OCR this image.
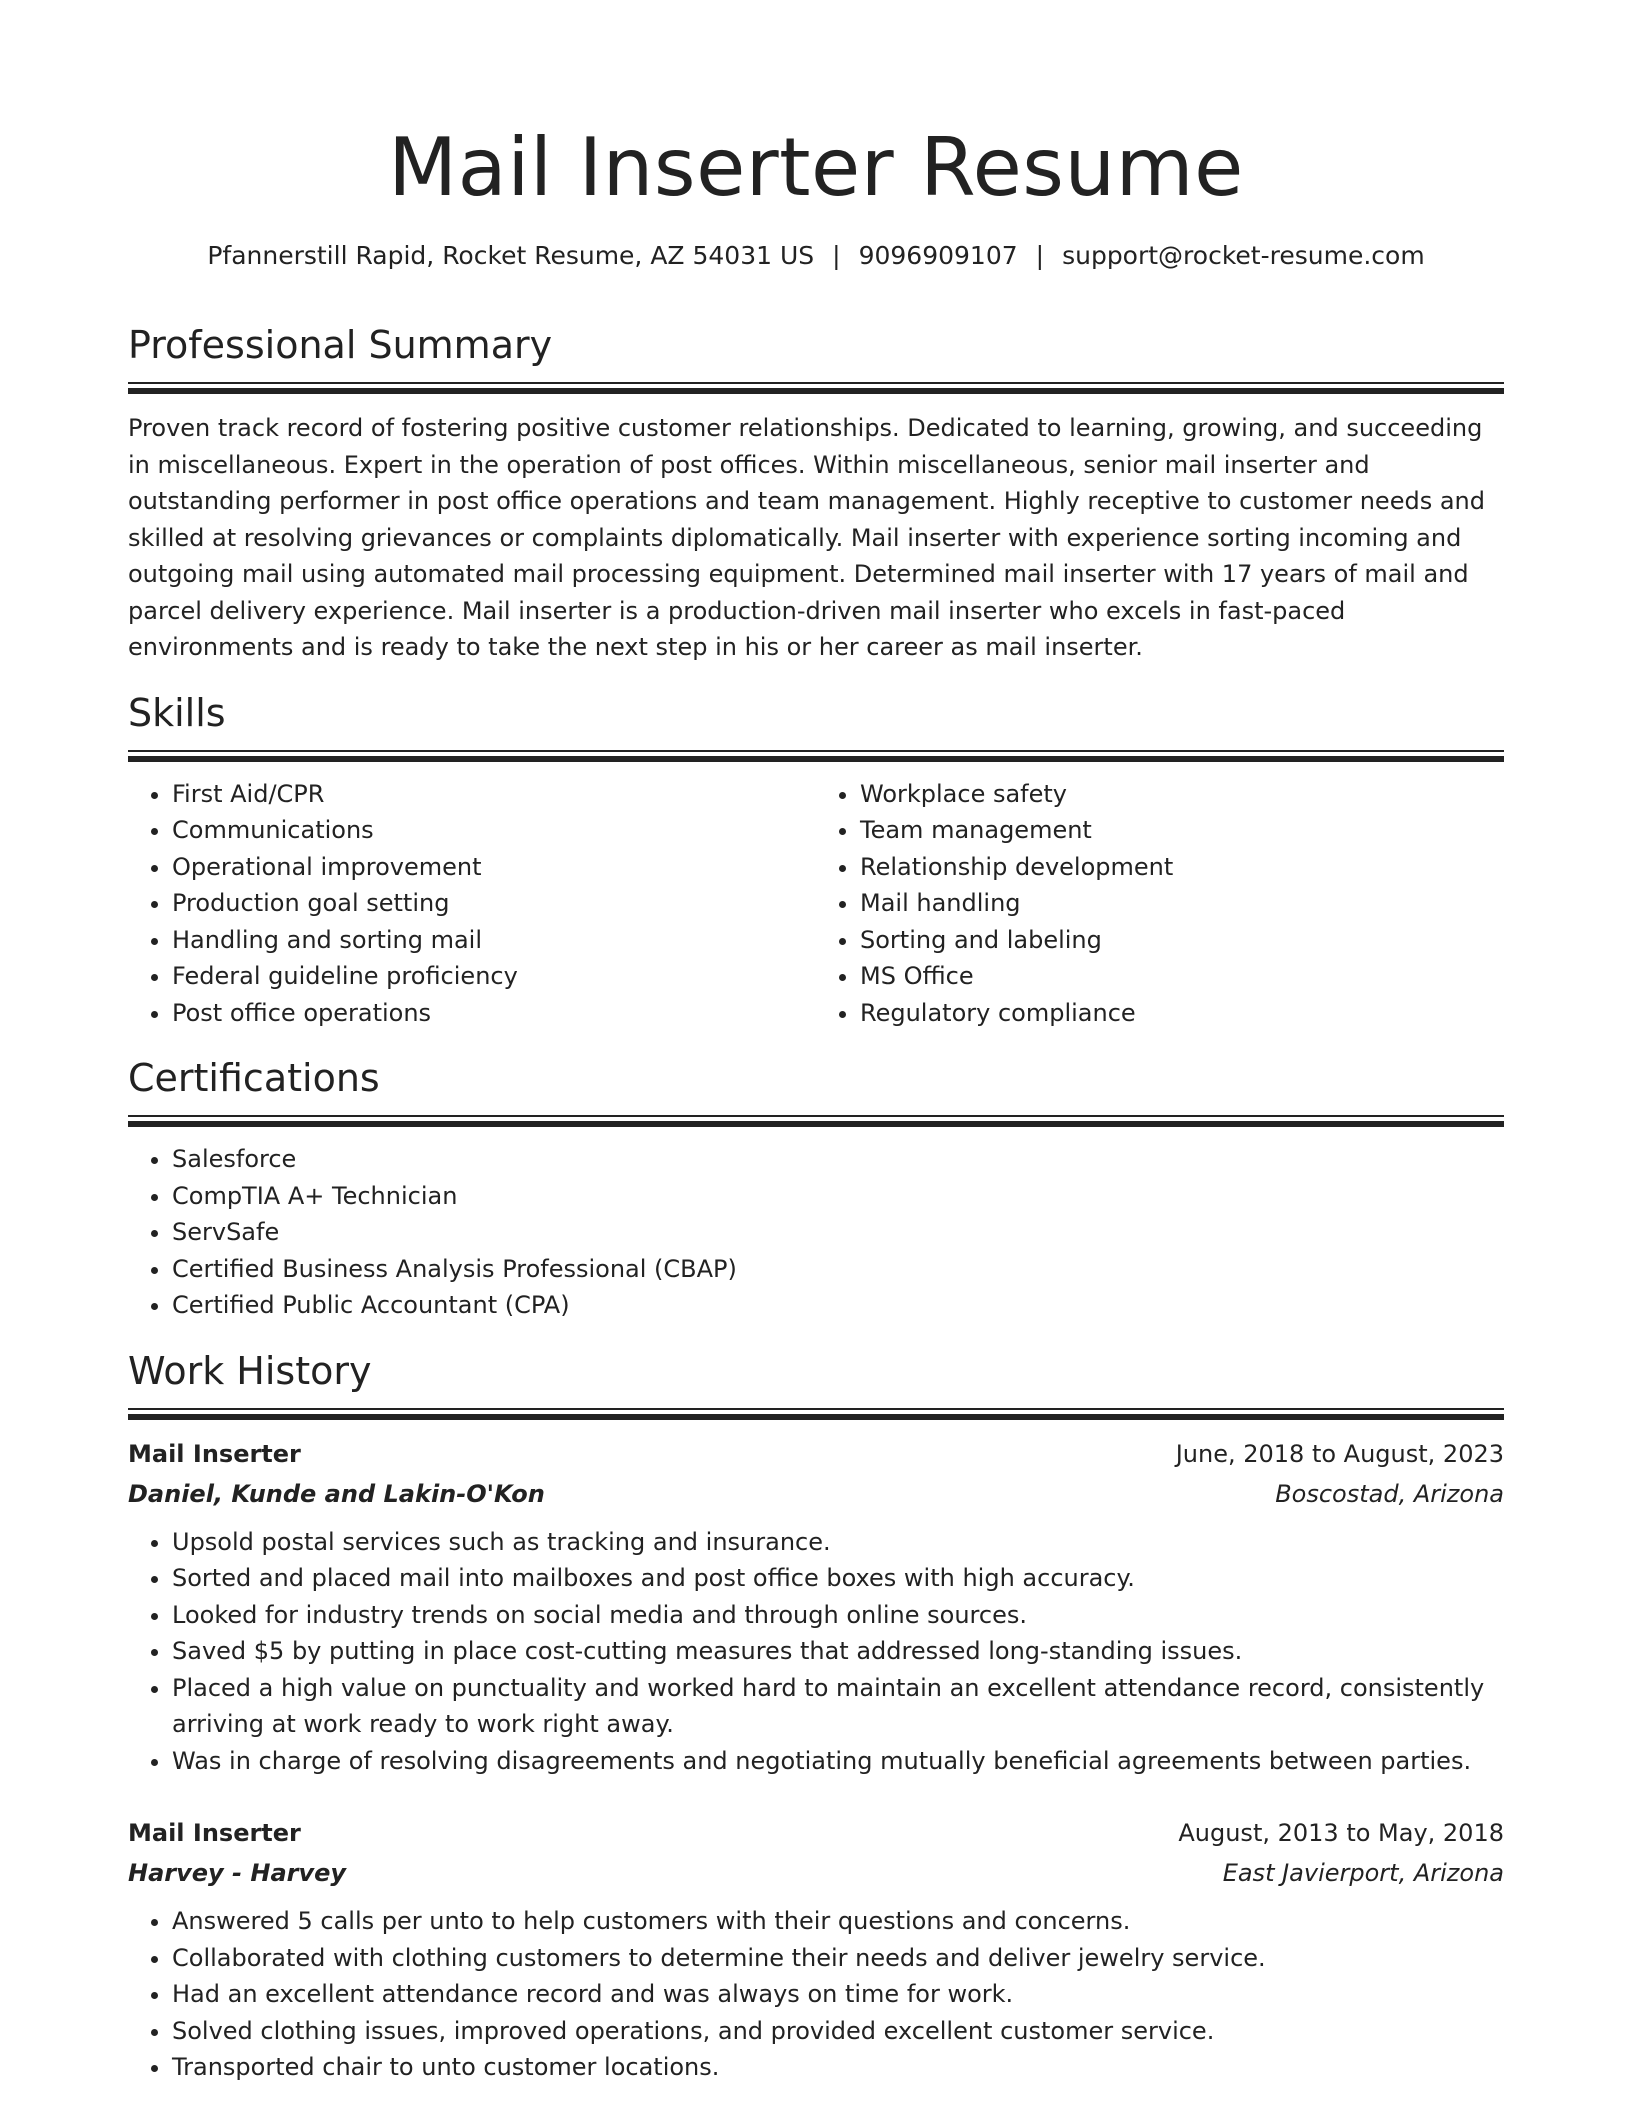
Mail Inserter Resume
Pfannerstill Rapid, Rocket Resume, AZ 54031 US | 9096909107 | support@rocket-resume.com
Professional Summary

Proven track record of fostering positive customer relationships. Dedicated to learning, growing, and succeeding in miscellaneous. Expert in the operation of post offices. Within miscellaneous, senior mail inserter and outstanding performer in post office operations and team management. Highly receptive to customer needs and skilled at resolving grievances or complaints diplomatically. Mail inserter with experience sorting incoming and outgoing mail using automated mail processing equipment. Determined mail inserter with 17 years of mail and parcel delivery experience. Mail inserter is a production-driven mail inserter who excels in fast-paced environments and is ready to take the next step in his or her career as mail inserter.

Skills
• First Aid/CPR
• Communications
• Operational improvement
• Production goal setting
• Handling and sorting mail
• Federal guideline proficiency
• Post office operations
• Workplace safety
• Team management
• Relationship development
• Mail handling
• Sorting and labeling
• MS Office
• Regulatory compliance
Certifications
• Salesforce
• CompTIA A+ Technician
• ServSafe
• Certified Business Analysis Professional (CBAP)
• Certified Public Accountant (CPA)
Work History
Mail Inserter	June, 2018 to August, 2023
Daniel, Kunde and Lakin-O'Kon	Boscostad, Arizona
• Upsold postal services such as tracking and insurance.
• Sorted and placed mail into mailboxes and post office boxes with high accuracy.
• Looked for industry trends on social media and through online sources.
• Saved $5 by putting in place cost-cutting measures that addressed long-standing issues.
• Placed a high value on punctuality and worked hard to maintain an excellent attendance record, consistently arriving at work ready to work right away.
• Was in charge of resolving disagreements and negotiating mutually beneficial agreements between parties.
Mail Inserter	August, 2013 to May, 2018
Harvey - Harvey	East Javierport, Arizona
• Answered 5 calls per unto to help customers with their questions and concerns.
• Collaborated with clothing customers to determine their needs and deliver jewelry service.
• Had an excellent attendance record and was always on time for work.
• Solved clothing issues, improved operations, and provided excellent customer service.
• Transported chair to unto customer locations.
